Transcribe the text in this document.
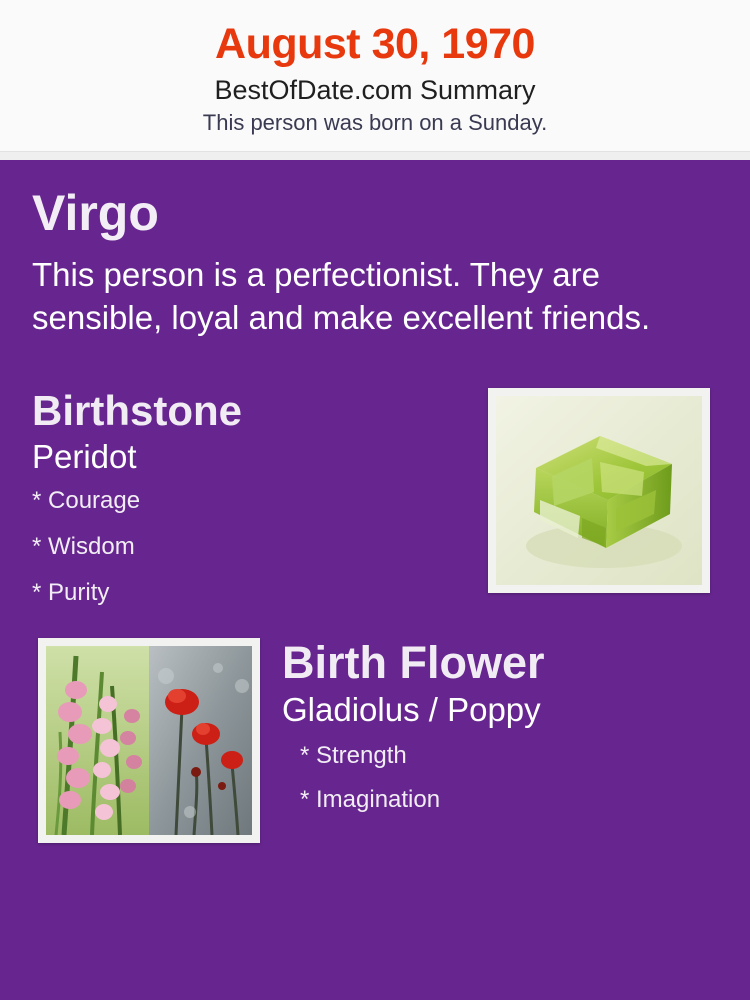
August 30, 1970
BestOfDate.com Summary
This person was born on a Sunday.
Virgo
This person is a perfectionist. They are sensible, loyal and make excellent friends.
Birthstone
Peridot
* Courage
* Wisdom
* Purity
Birth Flower
Gladiolus / Poppy
* Strength
* Imagination
